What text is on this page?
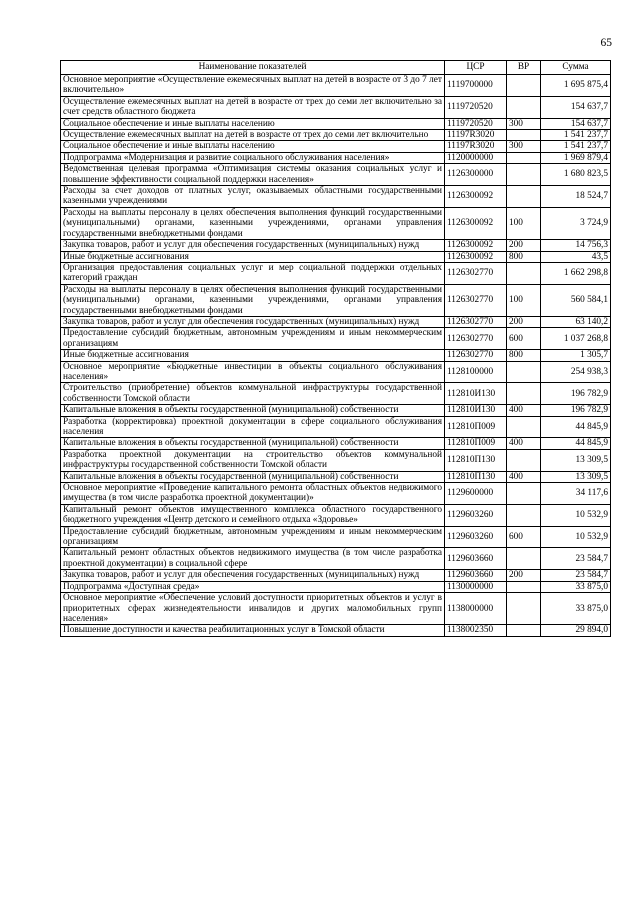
65
Наименование показателей	ЦСР	ВР	Сумма
Основное мероприятие «Осуществление ежемесячных выплат на детей в возрасте от 3 до 7 лет включительно»	1119700000		1 695 875,4
Осуществление ежемесячных выплат на детей в возрасте от трех до семи лет включительно за счет средств областного бюджета	1119720520		154 637,7
Социальное обеспечение и иные выплаты населению	1119720520	300	154 637,7
Осуществление ежемесячных выплат на детей в возрасте от трех до семи лет включительно	11197R3020		1 541 237,7
Социальное обеспечение и иные выплаты населению	11197R3020	300	1 541 237,7
Подпрограмма «Модернизация и развитие социального обслуживания населения»	1120000000		1 969 879,4
Ведомственная целевая программа «Оптимизация системы оказания социальных услуг и повышение эффективности социальной поддержки населения»	1126300000		1 680 823,5
Расходы за счет доходов от платных услуг, оказываемых областными государственными казенными учреждениями	1126300092		18 524,7
Расходы на выплаты персоналу в целях обеспечения выполнения функций государственными (муниципальными) органами, казенными учреждениями, органами управления государственными внебюджетными фондами	1126300092	100	3 724,9
Закупка товаров, работ и услуг для обеспечения государственных (муниципальных) нужд	1126300092	200	14 756,3
Иные бюджетные ассигнования	1126300092	800	43,5
Организация предоставления социальных услуг и мер социальной поддержки отдельных категорий граждан	1126302770		1 662 298,8
Расходы на выплаты персоналу в целях обеспечения выполнения функций государственными (муниципальными) органами, казенными учреждениями, органами управления государственными внебюджетными фондами	1126302770	100	560 584,1
Закупка товаров, работ и услуг для обеспечения государственных (муниципальных) нужд	1126302770	200	63 140,2
Предоставление субсидий бюджетным, автономным учреждениям и иным некоммерческим организациям	1126302770	600	1 037 268,8
Иные бюджетные ассигнования	1126302770	800	1 305,7
Основное мероприятие «Бюджетные инвестиции в объекты социального обслуживания населения»	1128100000		254 938,3
Строительство (приобретение) объектов коммунальной инфраструктуры государственной собственности Томской области	112810И130		196 782,9
Капитальные вложения в объекты государственной (муниципальной) собственности	112810И130	400	196 782,9
Разработка (корректировка) проектной документации в сфере социального обслуживания населения	112810П009		44 845,9
Капитальные вложения в объекты государственной (муниципальной) собственности	112810П009	400	44 845,9
Разработка проектной документации на строительство объектов коммунальной инфраструктуры государственной собственности Томской области	112810П130		13 309,5
Капитальные вложения в объекты государственной (муниципальной) собственности	112810П130	400	13 309,5
Основное мероприятие «Проведение капитального ремонта областных объектов недвижимого имущества (в том числе разработка проектной документации)»	1129600000		34 117,6
Капитальный ремонт объектов имущественного комплекса областного государственного бюджетного учреждения «Центр детского и семейного отдыха «Здоровье»	1129603260		10 532,9
Предоставление субсидий бюджетным, автономным учреждениям и иным некоммерческим организациям	1129603260	600	10 532,9
Капитальный ремонт областных объектов недвижимого имущества (в том числе разработка проектной документации) в социальной сфере	1129603660		23 584,7
Закупка товаров, работ и услуг для обеспечения государственных (муниципальных) нужд	1129603660	200	23 584,7
Подпрограмма «Доступная среда»	1130000000		33 875,0
Основное мероприятие «Обеспечение условий доступности приоритетных объектов и услуг в приоритетных сферах жизнедеятельности инвалидов и других маломобильных групп населения»	1138000000		33 875,0
Повышение доступности и качества реабилитационных услуг в Томской области	1138002350		29 894,0
